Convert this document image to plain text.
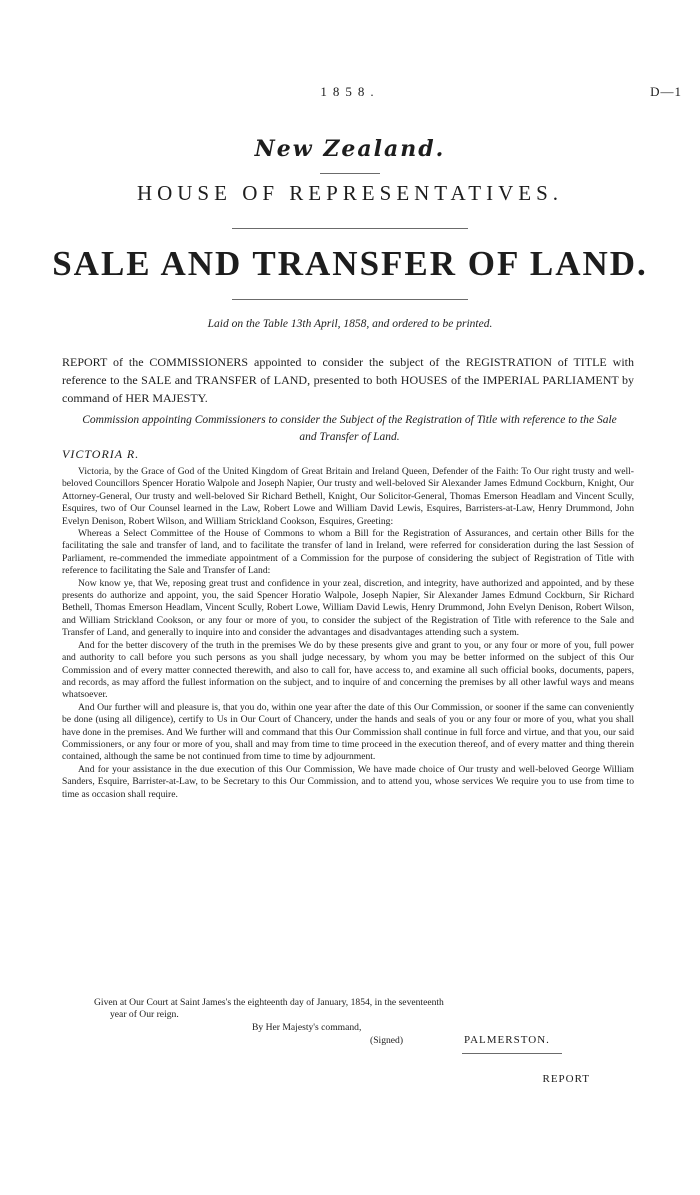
1858.	D—1
New Zealand.
HOUSE OF REPRESENTATIVES.
SALE AND TRANSFER OF LAND.
Laid on the Table 13th April, 1858, and ordered to be printed.
REPORT of the COMMISSIONERS appointed to consider the subject of the REGISTRATION of TITLE with reference to the SALE and TRANSFER of LAND, presented to both HOUSES of the IMPERIAL PARLIAMENT by command of HER MAJESTY.
Commission appointing Commissioners to consider the Subject of the Registration of Title with reference to the Sale and Transfer of Land.
VICTORIA R.

Victoria, by the Grace of God of the United Kingdom of Great Britain and Ireland Queen, Defender of the Faith: To Our right trusty and well-beloved Councillors Spencer Horatio Walpole and Joseph Napier, Our trusty and well-beloved Sir Alexander James Edmund Cockburn, Knight, Our Attorney-General, Our trusty and well-beloved Sir Richard Bethell, Knight, Our Solicitor-General, Thomas Emerson Headlam and Vincent Scully, Esquires, two of Our Counsel learned in the Law, Robert Lowe and William David Lewis, Esquires, Barristers-at-Law, Henry Drummond, John Evelyn Denison, Robert Wilson, and William Strickland Cookson, Esquires, Greeting:

Whereas a Select Committee of the House of Commons to whom a Bill for the Registration of Assurances, and certain other Bills for the facilitating the sale and transfer of land, and to facilitate the transfer of land in Ireland, were referred for consideration during the last Session of Parliament, re-commended the immediate appointment of a Commission for the purpose of considering the subject of Registration of Title with reference to facilitating the Sale and Transfer of Land:

Now know ye, that We, reposing great trust and confidence in your zeal, discretion, and integrity, have authorized and appointed, and by these presents do authorize and appoint, you, the said Spencer Horatio Walpole, Joseph Napier, Sir Alexander James Edmund Cockburn, Sir Richard Bethell, Thomas Emerson Headlam, Vincent Scully, Robert Lowe, William David Lewis, Henry Drummond, John Evelyn Denison, Robert Wilson, and William Strickland Cookson, or any four or more of you, to consider the subject of the Registration of Title with reference to the Sale and Transfer of Land, and generally to inquire into and consider the advantages and disadvantages attending such a system.

And for the better discovery of the truth in the premises We do by these presents give and grant to you, or any four or more of you, full power and authority to call before you such persons as you shall judge necessary, by whom you may be better informed on the subject of this Our Commission and of every matter connected therewith, and also to call for, have access to, and examine all such official books, documents, papers, and records, as may afford the fullest information on the subject, and to inquire of and concerning the premises by all other lawful ways and means whatsoever.

And Our further will and pleasure is, that you do, within one year after the date of this Our Commission, or sooner if the same can conveniently be done (using all diligence), certify to Us in Our Court of Chancery, under the hands and seals of you or any four or more of you, what you shall have done in the premises. And We further will and command that this Our Commission shall continue in full force and virtue, and that you, our said Commissioners, or any four or more of you, shall and may from time to time proceed in the execution thereof, and of every matter and thing therein contained, although the same be not continued from time to time by adjournment.

And for your assistance in the due execution of this Our Commission, We have made choice of Our trusty and well-beloved George William Sanders, Esquire, Barrister-at-Law, to be Secretary to this Our Commission, and to attend you, whose services We require you to use from time to time as occasion shall require.

Given at Our Court at Saint James's the eighteenth day of January, 1854, in the seventeenth
year of Our reign.
By Her Majesty's command,
(Signed)	PALMERSTON.
REPORT
